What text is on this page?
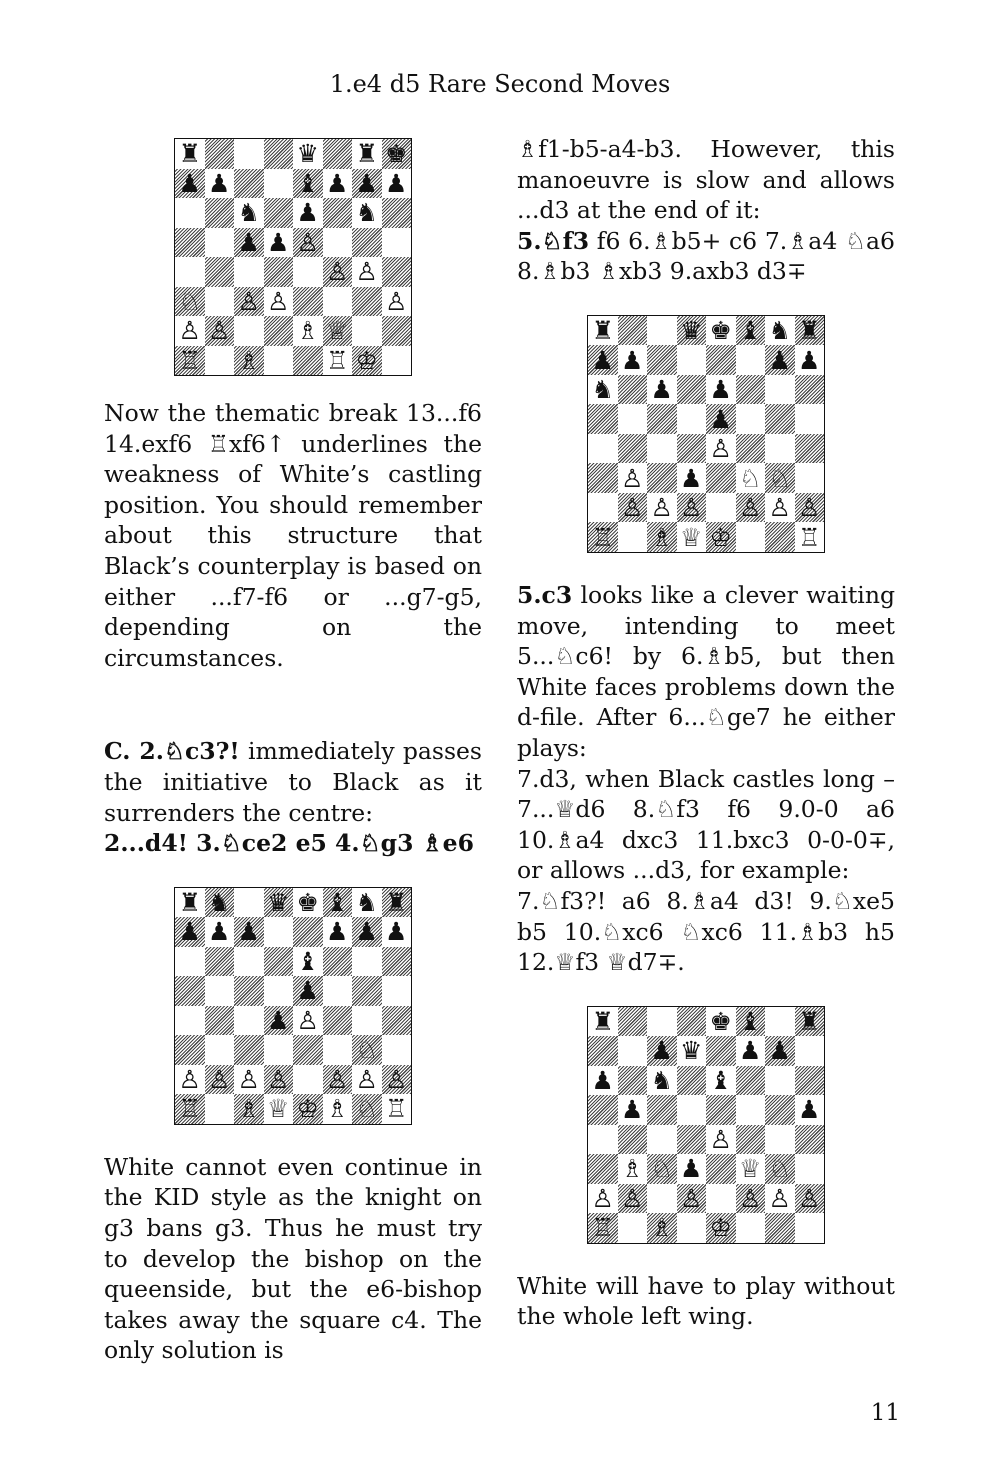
1.e4 d5 Rare Second Moves
♜	♛ ♜ ♚
♟ ♟	♝ ♟ ♟ ♟
♞ ♟ ♞
♟ ♟ ♙
♙ ♙
♘ ♙ ♙	♙
♙ ♙	♗ ♕
♖ ♗	♖ ♔

Now the thematic break 13...f6 14.exf6 ♖xf6↑ underlines the weakness of White’s castling position. You should remember about this structure that Black’s counterplay is based on either ...f7-f6 or ...g7-g5, depending on the circumstances.

C. 2.♘c3?! immediately passes the initiative to Black as it surrenders the centre:

2...d4! 3.♘ce2 e5 4.♘g3 ♗e6

♜ ♞ ♛ ♚ ♝ ♞ ♜
♟ ♟ ♟	♟ ♟ ♟
♝
♟
♟ ♙
♘
♙ ♙ ♙ ♙ ♙ ♙ ♙
♖ ♗ ♕ ♔ ♗ ♘ ♖

White cannot even continue in the KID style as the knight on g3 bans g3. Thus he must try to develop the bishop on the queenside, but the e6-bishop takes away the square c4. The only solution is

♗f1-b5-a4-b3. However, this manoeuvre is slow and allows ...d3 at the end of it:

5.♘f3 f6 6.♗b5+ c6 7.♗a4 ♘a6 8.♗b3 ♗xb3 9.axb3 d3∓

♜	♛ ♚ ♝ ♞ ♜
♟ ♟	♟ ♟
♞ ♟ ♟
♟
♙
♙ ♟ ♘ ♘
♙ ♙ ♙ ♙ ♙ ♙
♖ ♗ ♕ ♔	♖

5.c3 looks like a clever waiting move, intending to meet 5...♘c6! by 6.♗b5, but then White faces problems down the d-file. After 6...♘ge7 he either plays:

7.d3, when Black castles long – 7...♕d6 8.♘f3 f6 9.0-0 a6 10.♗a4 dxc3 11.bxc3 0-0-0∓, or allows ...d3, for example:

7.♘f3?! a6 8.♗a4 d3! 9.♘xe5 b5 10.♘xc6 ♘xc6 11.♗b3 h5 12.♕f3 ♕d7∓.

♜	♚ ♝ ♜
♟ ♛ ♟ ♟
♟ ♞ ♝
♟	♟
♙
♗ ♘ ♟ ♕ ♘
♙ ♙ ♙ ♙ ♙ ♙
♖ ♗ ♔

White will have to play without the whole left wing.

11
